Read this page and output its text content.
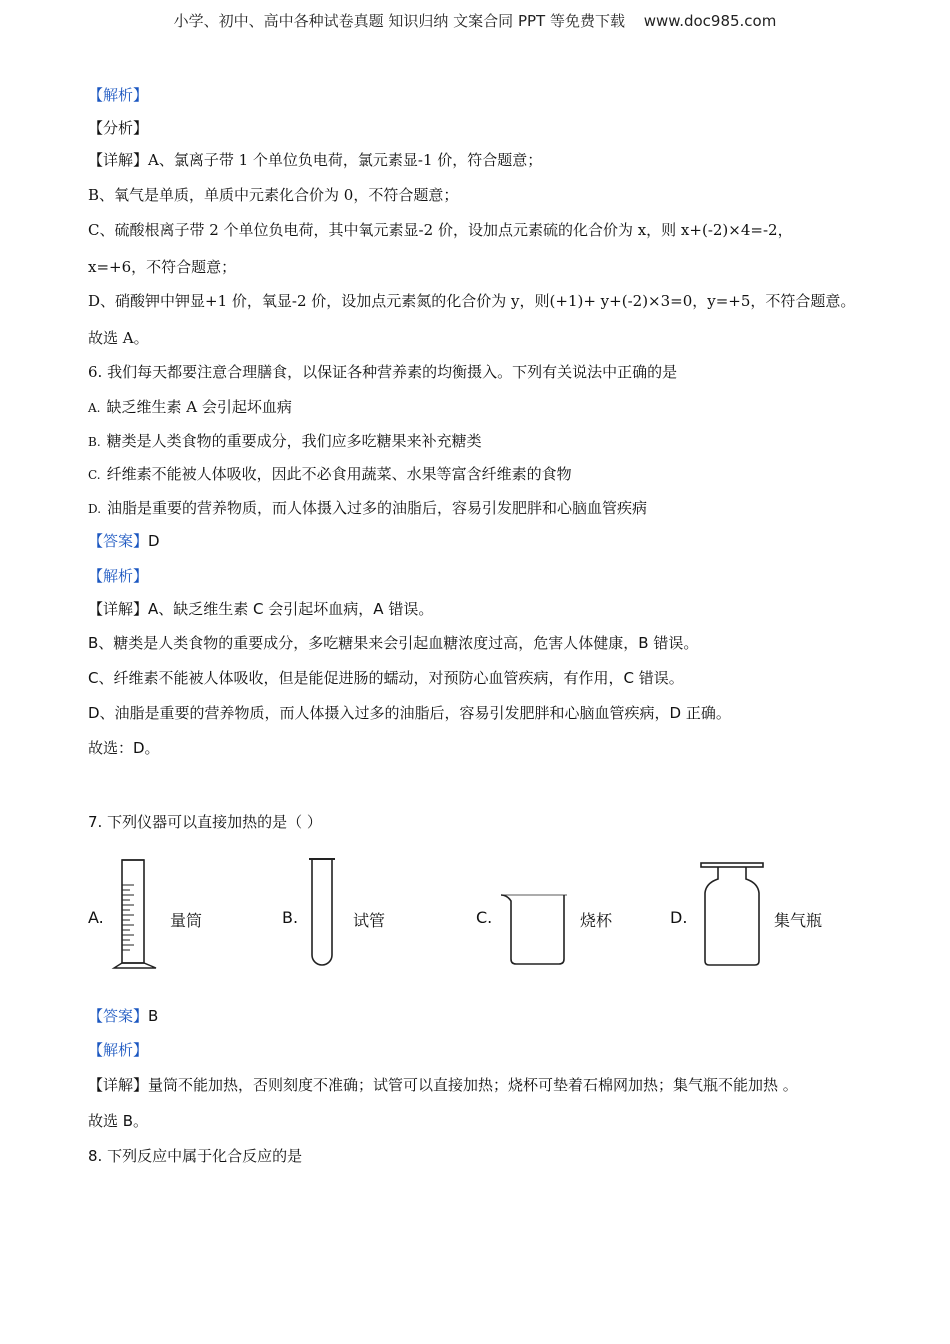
小学、初中、高中各种试卷真题 知识归纳 文案合同 PPT 等免费下载 www.doc985.com
【解析】
【分析】
【详解】A、氯离子带 1 个单位负电荷，氯元素显-1 价，符合题意；
B、氧气是单质，单质中元素化合价为 0，不符合题意；
C、硫酸根离子带 2 个单位负电荷，其中氧元素显-2 价，设加点元素硫的化合价为 x，则 x+(-2)×4=-2，
x=+6，不符合题意；
D、硝酸钾中钾显+1 价，氧显-2 价，设加点元素氮的化合价为 y，则(+1)+ y+(-2)×3=0，y=+5，不符合题意。
故选 A。
6. 我们每天都要注意合理膳食，以保证各种营养素的均衡摄入。下列有关说法中正确的是
A. 缺乏维生素 A 会引起坏血病
B. 糖类是人类食物的重要成分，我们应多吃糖果来补充糖类
C. 纤维素不能被人体吸收，因此不必食用蔬菜、水果等富含纤维素的食物
D. 油脂是重要的营养物质，而人体摄入过多的油脂后，容易引发肥胖和心脑血管疾病
【答案】D
【解析】
【详解】A、缺乏维生素 C 会引起坏血病，A 错误。
B、糖类是人类食物的重要成分，多吃糖果来会引起血糖浓度过高，危害人体健康，B 错误。
C、纤维素不能被人体吸收，但是能促进肠的蠕动，对预防心血管疾病，有作用，C 错误。
D、油脂是重要的营养物质，而人体摄入过多的油脂后，容易引发肥胖和心脑血管疾病，D 正确。
故选：D。
7. 下列仪器可以直接加热的是（ ）
A.	量筒	B.	试管	C.	烧杯	D.	集气瓶
【答案】B
【解析】
【详解】量筒不能加热，否则刻度不准确；试管可以直接加热；烧杯可垫着石棉网加热；集气瓶不能加热 。
故选 B。
8. 下列反应中属于化合反应的是
